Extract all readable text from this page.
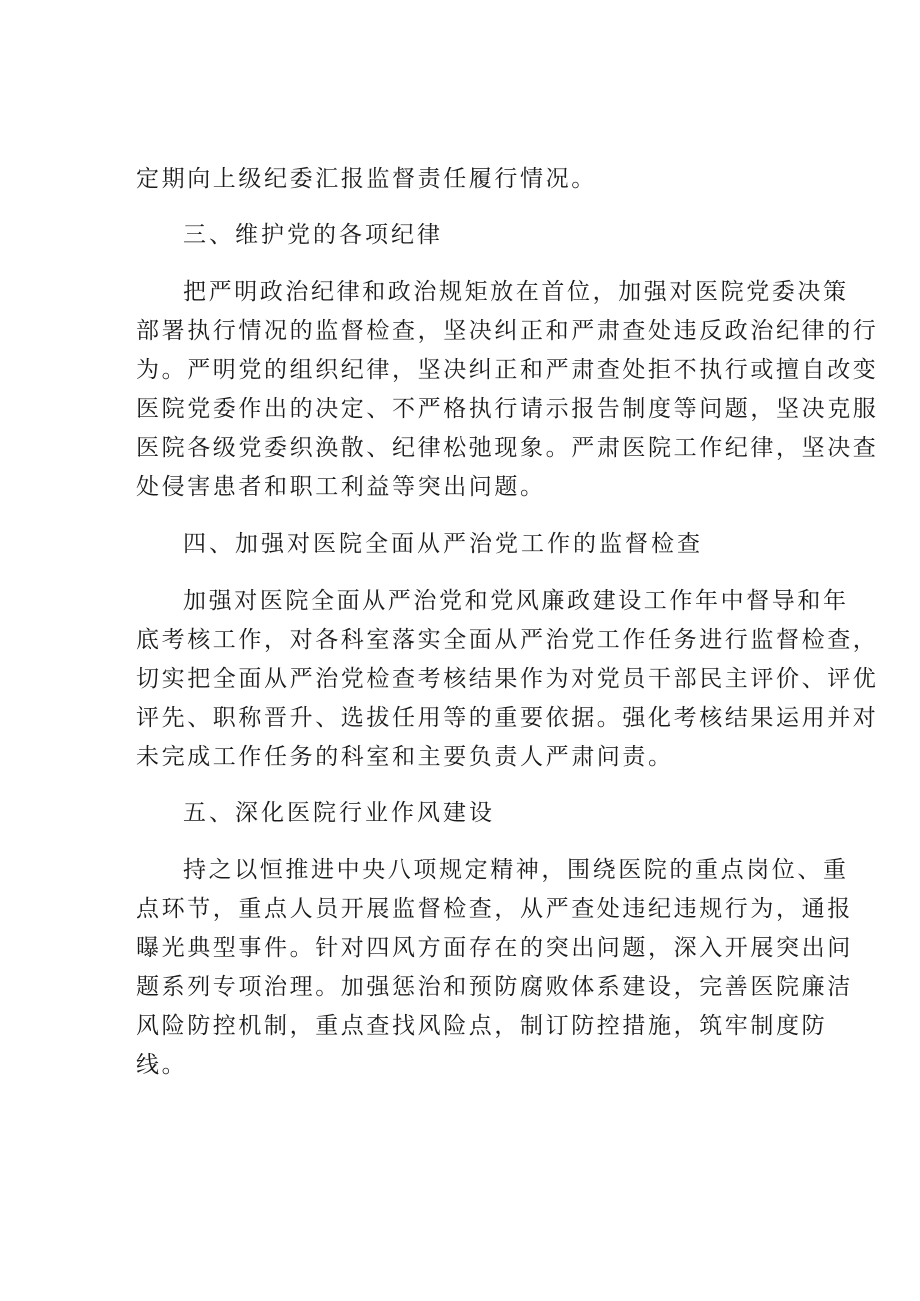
定期向上级纪委汇报监督责任履行情况。
三、维护党的各项纪律
把严明政治纪律和政治规矩放在首位，加强对医院党委决策
部署执行情况的监督检查，坚决纠正和严肃查处违反政治纪律的行
为。严明党的组织纪律，坚决纠正和严肃查处拒不执行或擅自改变
医院党委作出的决定、不严格执行请示报告制度等问题，坚决克服
医院各级党委织涣散、纪律松弛现象。严肃医院工作纪律，坚决查
处侵害患者和职工利益等突出问题。
四、加强对医院全面从严治党工作的监督检查
加强对医院全面从严治党和党风廉政建设工作年中督导和年
底考核工作，对各科室落实全面从严治党工作任务进行监督检查，
切实把全面从严治党检查考核结果作为对党员干部民主评价、评优
评先、职称晋升、选拔任用等的重要依据。强化考核结果运用并对
未完成工作任务的科室和主要负责人严肃问责。
五、深化医院行业作风建设
持之以恒推进中央八项规定精神，围绕医院的重点岗位、重
点环节，重点人员开展监督检查，从严查处违纪违规行为，通报
曝光典型事件。针对四风方面存在的突出问题，深入开展突出问
题系列专项治理。加强惩治和预防腐败体系建设，完善医院廉洁
风险防控机制，重点查找风险点，制订防控措施，筑牢制度防
线。
